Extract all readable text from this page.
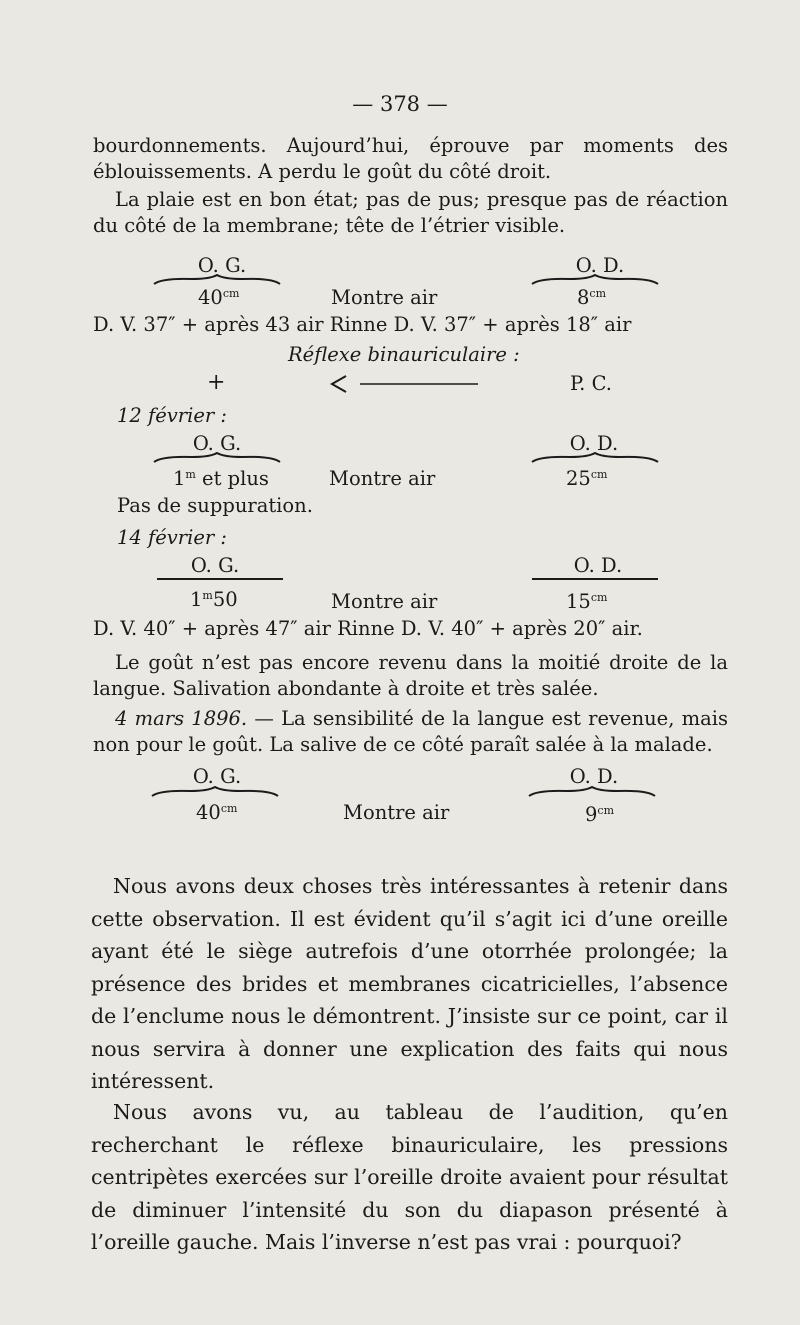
— 378 —

bourdonnements. Aujourd’hui, éprouve par moments des éblouissements. A perdu le goût du côté droit.

La plaie est en bon état; pas de pus; presque pas de réaction du côté de la membrane; tête de l’étrier visible.

O. G.	O. D.
$40^{cm}$	Montre air	$8^{cm}$
D. V. 37″ + après 43 air Rinne D. V. 37″ + après 18″ air
Réflexe binauriculaire :
+	P. C.
12 février :
O. G.	O. D.
1$^m$ et plus	Montre air	$25^{cm}$
Pas de suppuration.
14 février :
O. G.	O. D.
1$^m$50	Montre air	$15^{cm}$
D. V. 40″ + après 47″ air Rinne D. V. 40″ + après 20″ air.

Le goût n’est pas encore revenu dans la moitié droite de la langue. Salivation abondante à droite et très salée.

4 mars 1896. — La sensibilité de la langue est revenue, mais non pour le goût. La salive de ce côté paraît salée à la malade.

O. G.	O. D.
$40^{cm}$	Montre air	$9^{cm}$

Nous avons deux choses très intéressantes à retenir dans cette observation. Il est évident qu’il s’agit ici d’une oreille ayant été le siège autrefois d’une otorrhée prolongée; la présence des brides et membranes cicatricielles, l’absence de l’enclume nous le démontrent. J’insiste sur ce point, car il nous servira à donner une explication des faits qui nous intéressent.

Nous avons vu, au tableau de l’audition, qu’en recherchant le réflexe binauriculaire, les pressions centripètes exercées sur l’oreille droite avaient pour résultat de diminuer l’intensité du son du diapason présenté à l’oreille gauche. Mais l’inverse n’est pas vrai : pourquoi?
